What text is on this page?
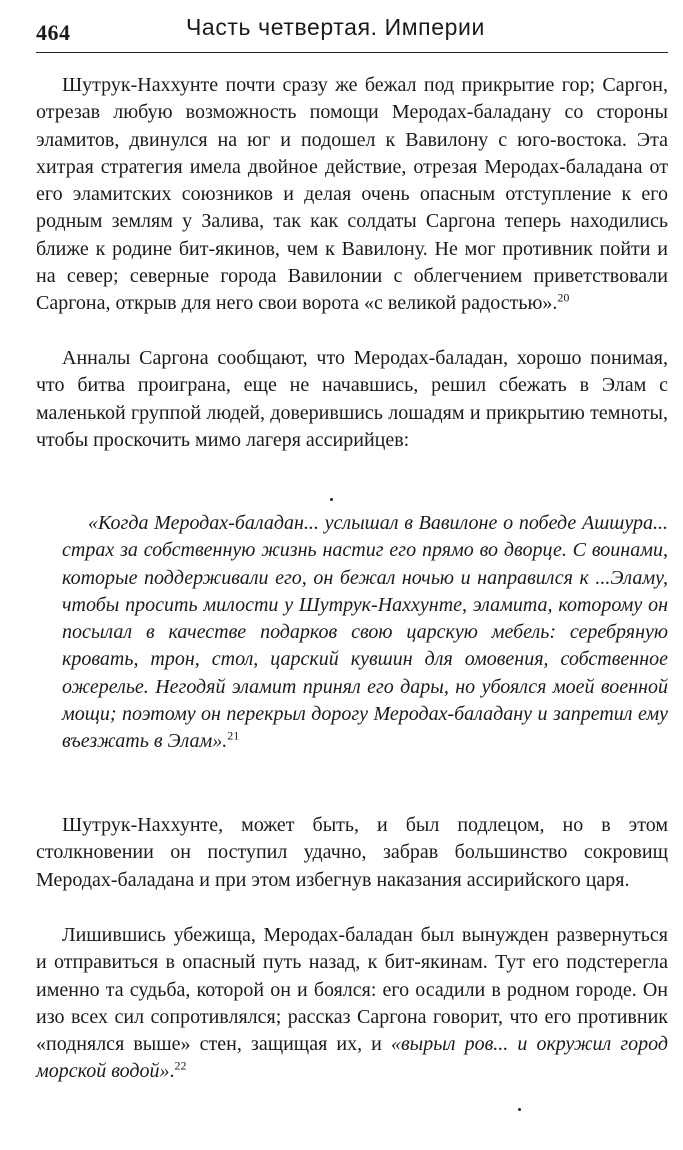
464	Часть четвертая. Империи
Шутрук-Наххунте почти сразу же бежал под прикрытие гор; Саргон, отрезав любую возможность помощи Меродах-баладану со стороны эламитов, двинулся на юг и подошел к Вавилону с юго-востока. Эта хитрая стратегия имела двойное действие, отрезая Меродах-баладана от его эламитских союзников и делая очень опасным отступление к его родным землям у Залива, так как солдаты Саргона теперь находились ближе к родине бит-якинов, чем к Вавилону. Не мог противник пойти и на север; северные города Вавилонии с облегчением приветствовали Саргона, открыв для него свои ворота «с великой радостью».$^{20}$
Анналы Саргона сообщают, что Меродах-баладан, хорошо понимая, что битва проиграна, еще не начавшись, решил сбежать в Элам с маленькой группой людей, доверившись лошадям и прикрытию темноты, чтобы проскочить мимо лагеря ассирийцев:
«Когда Меродах-баладан... услышал в Вавилоне о победе Ашшура... страх за собственную жизнь настиг его прямо во дворце. С воинами, которые поддерживали его, он бежал ночью и направился к ...Эламу, чтобы просить милости у Шутрук-Наххунте, эламита, которому он посылал в качестве подарков свою царскую мебель: серебряную кровать, трон, стол, царский кувшин для омовения, собственное ожерелье. Негодяй эламит принял его дары, но убоялся моей военной мощи; поэтому он перекрыл дорогу Меродах-баладану и запретил ему въезжать в Элам».$^{21}$
Шутрук-Наххунте, может быть, и был подлецом, но в этом столкновении он поступил удачно, забрав большинство сокровищ Меродах-баладана и при этом избегнув наказания ассирийского царя.
Лишившись убежища, Меродах-баладан был вынужден развернуться и отправиться в опасный путь назад, к бит-якинам. Тут его подстерегла именно та судьба, которой он и боялся: его осадили в родном городе. Он изо всех сил сопротивлялся; рассказ Саргона говорит, что его противник «поднялся выше» стен, защищая их, и «вырыл ров... и окружил город морской водой».$^{22}$
